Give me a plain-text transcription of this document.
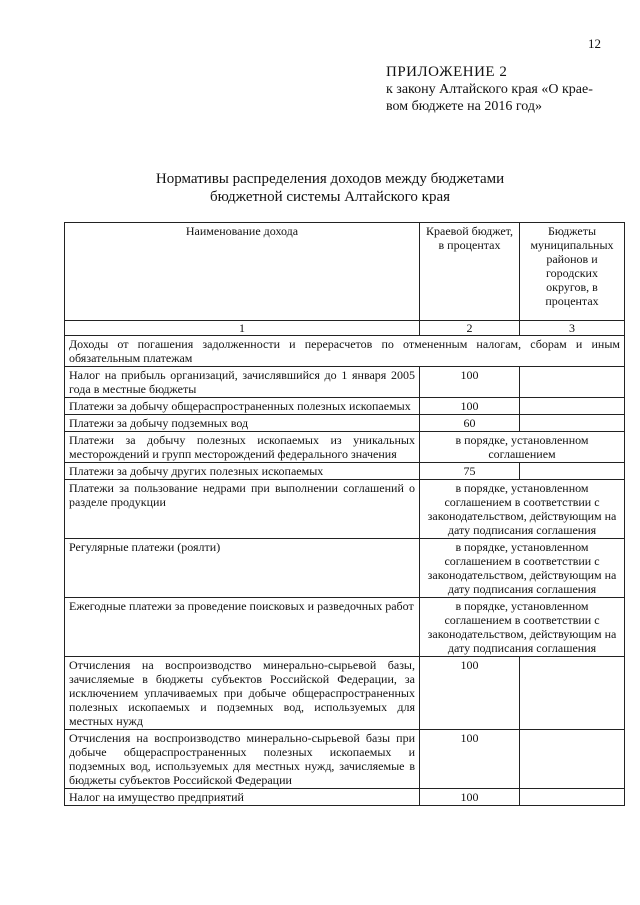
12
ПРИЛОЖЕНИЕ 2
к закону Алтайского края «О крае-
вом бюджете на 2016 год»
Нормативы распределения доходов между бюджетами
бюджетной системы Алтайского края
Наименование дохода	Краевой бюджет, в процентах	Бюджеты муниципальных районов и городских округов, в процентах
1	2	3
Доходы от погашения задолженности и перерасчетов по отмененным налогам, сборам и иным обязательным платежам		
Налог на прибыль организаций, зачислявшийся до 1 января 2005 года в местные бюджеты	100	
Платежи за добычу общераспространенных полезных ископаемых	100	
Платежи за добычу подземных вод	60	
Платежи за добычу полезных ископаемых из уникальных месторождений и групп месторождений федерального значения	в порядке, установленном соглашением	
Платежи за добычу других полезных ископаемых	75	
Платежи за пользование недрами при выполнении соглашений о разделе продукции	в порядке, установленном соглашением в соответствии с законодательством, действующим на дату подписания соглашения	
Регулярные платежи (роялти)	в порядке, установленном соглашением в соответствии с законодательством, действующим на дату подписания соглашения	
Ежегодные платежи за проведение поисковых и разведочных работ	в порядке, установленном соглашением в соответствии с законодательством, действующим на дату подписания соглашения	
Отчисления на воспроизводство минерально-сырьевой базы, зачисляемые в бюджеты субъектов Российской Федерации, за исключением уплачиваемых при добыче общераспространенных полезных ископаемых и подземных вод, используемых для местных нужд	100	
Отчисления на воспроизводство минерально-сырьевой базы при добыче общераспространенных полезных ископаемых и подземных вод, используемых для местных нужд, зачисляемые в бюджеты субъектов Российской Федерации	100	
Налог на имущество предприятий	100	
